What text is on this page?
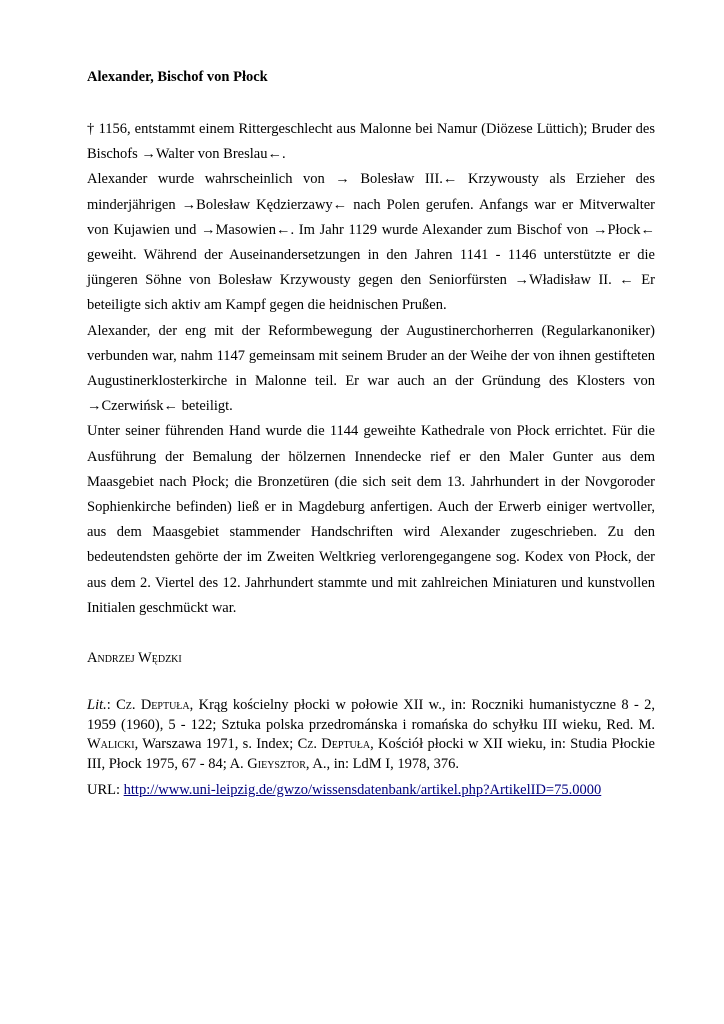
Alexander, Bischof von Płock

† 1156, entstammt einem Rittergeschlecht aus Malonne bei Namur (Diözese Lüttich); Bruder des Bischofs →Walter von Breslau←.

Alexander wurde wahrscheinlich von → Bolesław III.← Krzywousty als Erzieher des minderjährigen →Bolesław Kędzierzawy← nach Polen gerufen. Anfangs war er Mitverwalter von Kujawien und →Masowien←. Im Jahr 1129 wurde Alexander zum Bischof von →Płock← geweiht. Während der Auseinandersetzungen in den Jahren 1141 - 1146 unterstützte er die jüngeren Söhne von Bolesław Krzywousty gegen den Seniorfürsten →Władisław II. ← Er beteiligte sich aktiv am Kampf gegen die heidnischen Prußen.

Alexander, der eng mit der Reformbewegung der Augustinerchorherren (Regularkanoniker) verbunden war, nahm 1147 gemeinsam mit seinem Bruder an der Weihe der von ihnen gestifteten Augustinerklosterkirche in Malonne teil. Er war auch an der Gründung des Klosters von →Czerwińsk← beteiligt.

Unter seiner führenden Hand wurde die 1144 geweihte Kathedrale von Płock errichtet. Für die Ausführung der Bemalung der hölzernen Innendecke rief er den Maler Gunter aus dem Maasgebiet nach Płock; die Bronzetüren (die sich seit dem 13. Jahrhundert in der Novgoroder Sophienkirche befinden) ließ er in Magdeburg anfertigen. Auch der Erwerb einiger wertvoller, aus dem Maasgebiet stammender Handschriften wird Alexander zugeschrieben. Zu den bedeutendsten gehörte der im Zweiten Weltkrieg verlorengegangene sog. Kodex von Płock, der aus dem 2. Viertel des 12. Jahrhundert stammte und mit zahlreichen Miniaturen und kunstvollen Initialen geschmückt war.

Andrzej Wędzki
Lit.: Cz. Deptuła, Krąg kościelny płocki w połowie XII w., in: Roczniki humanistyczne 8 - 2, 1959 (1960), 5 - 122; Sztuka polska przedrománska i romańska do schyłku III wieku, Red. M. Walicki, Warszawa 1971, s. Index; Cz. Deptuła, Kościół płocki w XII wieku, in: Studia Płockie III, Płock 1975, 67 - 84; A. Gieysztor, A., in: LdM I, 1978, 376.
URL: http://www.uni-leipzig.de/gwzo/wissensdatenbank/artikel.php?ArtikelID=75.0000
